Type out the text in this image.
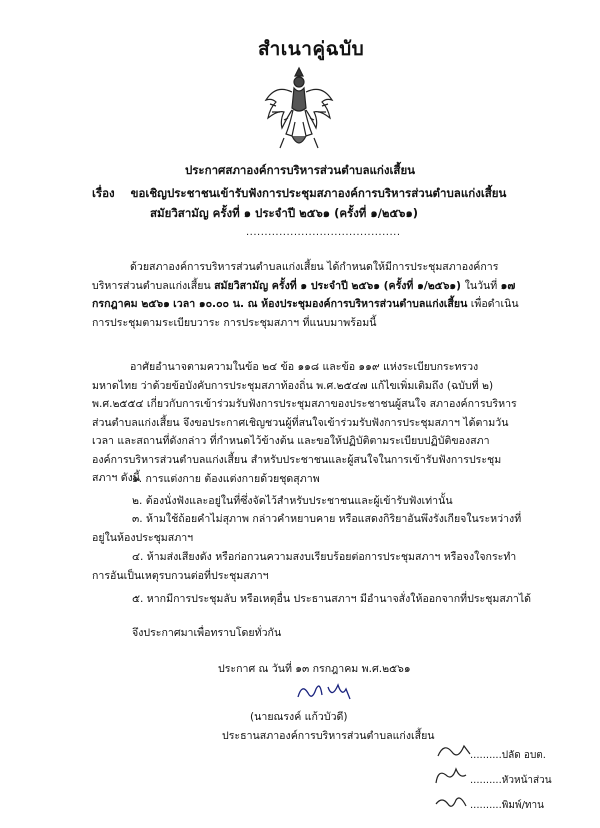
สำเนาคู่ฉบับ
ประกาศสภาองค์การบริหารส่วนตำบลแก่งเสี้ยน
เรื่อง ขอเชิญประชาชนเข้ารับฟังการประชุมสภาองค์การบริหารส่วนตำบลแก่งเสี้ยน
สมัยวิสามัญ ครั้งที่ ๑ ประจำปี ๒๕๖๑ (ครั้งที่ ๑/๒๕๖๑)
..........................................
ด้วยสภาองค์การบริหารส่วนตำบลแก่งเสี้ยน ได้กำหนดให้มีการประชุมสภาองค์การบริหารส่วนตำบลแก่งเสี้ยน สมัยวิสามัญ ครั้งที่ ๑ ประจำปี ๒๕๖๑ (ครั้งที่ ๑/๒๕๖๑) ในวันที่ ๑๗ กรกฎาคม ๒๕๖๑ เวลา ๑๐.๐๐ น. ณ ห้องประชุมองค์การบริหารส่วนตำบลแก่งเสี้ยน เพื่อดำเนินการประชุมตามระเบียบวาระ การประชุมสภาฯ ที่แนบมาพร้อมนี้
อาศัยอำนาจตามความในข้อ ๒๔ ข้อ ๑๑๘ และข้อ ๑๑๙ แห่งระเบียบกระทรวงมหาดไทย ว่าด้วยข้อบังคับการประชุมสภาท้องถิ่น พ.ศ.๒๕๔๗ แก้ไขเพิ่มเติมถึง (ฉบับที่ ๒) พ.ศ.๒๕๕๔ เกี่ยวกับการเข้าร่วมรับฟังการประชุมสภาของประชาชนผู้สนใจ สภาองค์การบริหารส่วนตำบลแก่งเสี้ยน จึงขอประกาศเชิญชวนผู้ที่สนใจเข้าร่วมรับฟังการประชุมสภาฯ ได้ตามวัน เวลา และสถานที่ดังกล่าว ที่กำหนดไว้ข้างต้น และขอให้ปฏิบัติตามระเบียบปฏิบัติของสภาองค์การบริหารส่วนตำบลแก่งเสี้ยน สำหรับประชาชนและผู้สนใจในการเข้ารับฟังการประชุมสภาฯ ดังนี้
๑. การแต่งกาย ต้องแต่งกายด้วยชุดสุภาพ
๒. ต้องนั่งฟังและอยู่ในที่ซึ่งจัดไว้สำหรับประชาชนและผู้เข้ารับฟังเท่านั้น
๓. ห้ามใช้ถ้อยคำไม่สุภาพ กล่าวคำหยาบคาย หรือแสดงกิริยาอันพึงรังเกียจในระหว่างที่อยู่ในห้องประชุมสภาฯ
๔. ห้ามส่งเสียงดัง หรือก่อกวนความสงบเรียบร้อยต่อการประชุมสภาฯ หรือจงใจกระทำการอันเป็นเหตุรบกวนต่อที่ประชุมสภาฯ
๕. หากมีการประชุมลับ หรือเหตุอื่น ประธานสภาฯ มีอำนาจสั่งให้ออกจากที่ประชุมสภาได้
จึงประกาศมาเพื่อทราบโดยทั่วกัน
ประกาศ ณ วันที่ ๑๓ กรกฎาคม พ.ศ.๒๕๖๑
(นายณรงค์ แก้วบัวดี)
ประธานสภาองค์การบริหารส่วนตำบลแก่งเสี้ยน
..........ปลัด อบต.
..........หัวหน้าส่วน
..........พิมพ์/ทาน
